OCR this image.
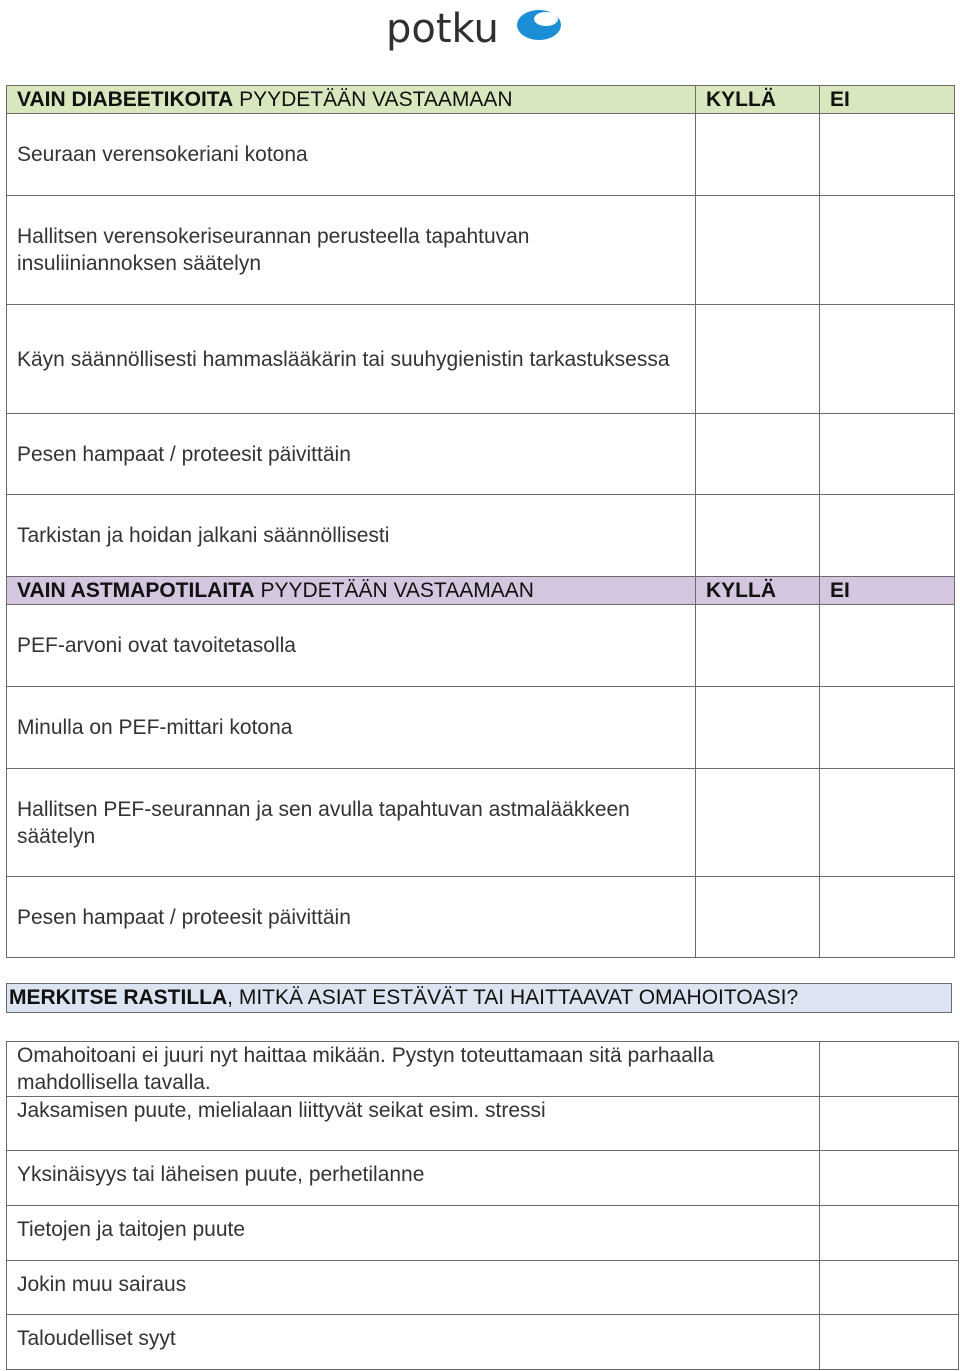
potku
VAIN DIABEETIKOITA PYYDETÄÄN VASTAAMAAN	KYLLÄ	EI
Seuraan verensokeriani kotona		
Hallitsen verensokeriseurannan perusteella tapahtuvan insuliiniannoksen säätelyn		
Käyn säännöllisesti hammaslääkärin tai suuhygienistin tarkastuksessa		
Pesen hampaat / proteesit päivittäin		
Tarkistan ja hoidan jalkani säännöllisesti		
VAIN ASTMAPOTILAITA PYYDETÄÄN VASTAAMAAN	KYLLÄ	EI
PEF-arvoni ovat tavoitetasolla		
Minulla on PEF-mittari kotona		
Hallitsen PEF-seurannan ja sen avulla tapahtuvan astmalääkkeen säätelyn		
Pesen hampaat / proteesit päivittäin		
MERKITSE RASTILLA, MITKÄ ASIAT ESTÄVÄT TAI HAITTAAVAT OMAHOITOASI?
Omahoitoani ei juuri nyt haittaa mikään. Pystyn toteuttamaan sitä parhaalla mahdollisella tavalla.	
Jaksamisen puute, mielialaan liittyvät seikat esim. stressi	
Yksinäisyys tai läheisen puute, perhetilanne	
Tietojen ja taitojen puute	
Jokin muu sairaus	
Taloudelliset syyt	
